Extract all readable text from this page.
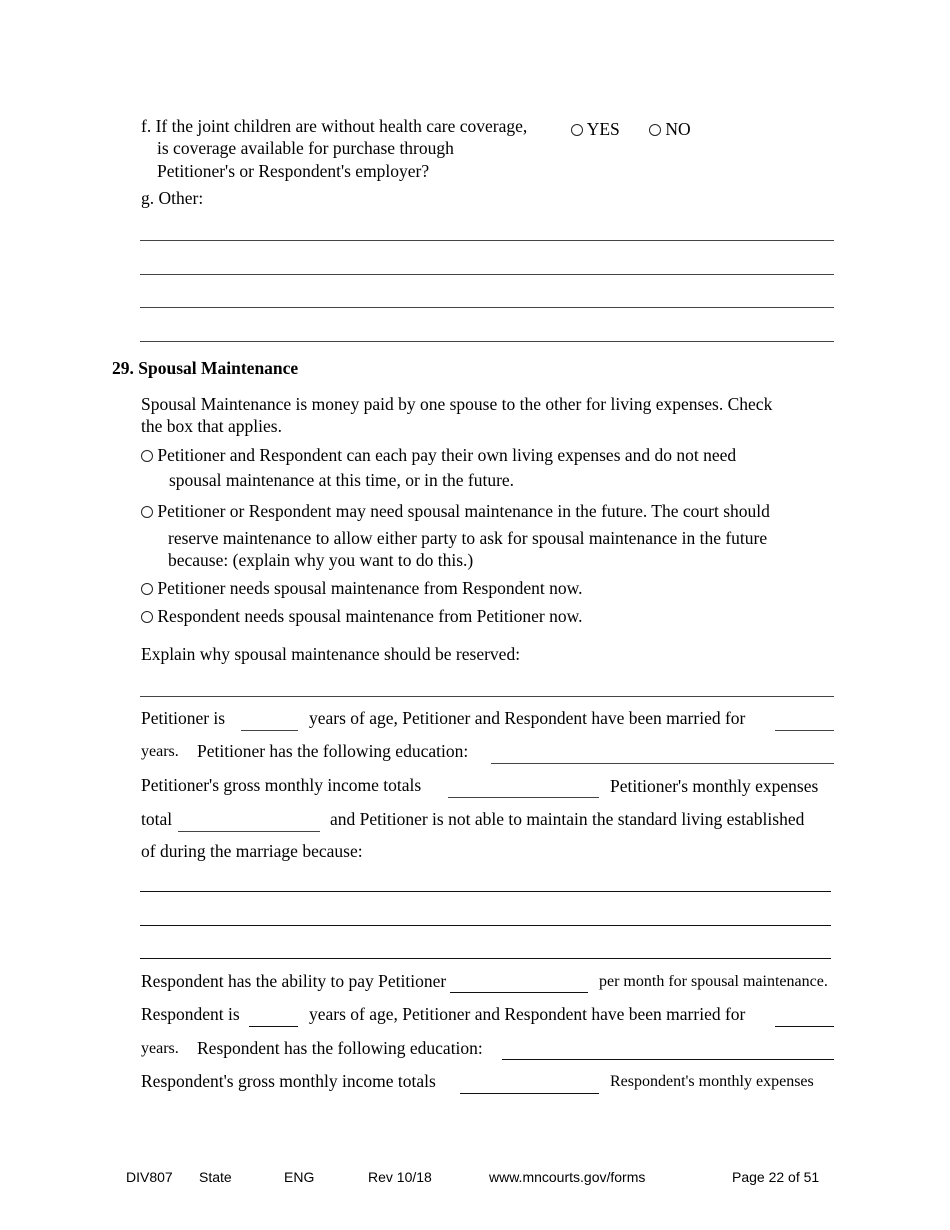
f. If the joint children are without health care coverage,
is coverage available for purchase through
Petitioner's or Respondent's employer?
YES	NO
g. Other:
29. Spousal Maintenance
Spousal Maintenance is money paid by one spouse to the other for living expenses. Check
the box that applies.
Petitioner and Respondent can each pay their own living expenses and do not need
spousal maintenance at this time, or in the future.
Petitioner or Respondent may need spousal maintenance in the future. The court should
reserve maintenance to allow either party to ask for spousal maintenance in the future
because: (explain why you want to do this.)
Petitioner needs spousal maintenance from Respondent now.
Respondent needs spousal maintenance from Petitioner now.
Explain why spousal maintenance should be reserved:
Petitioner is	years of age, Petitioner and Respondent have been married for
years. Petitioner has the following education:
Petitioner's gross monthly income totals	Petitioner's monthly expenses
total	and Petitioner is not able to maintain the standard living established
of during the marriage because:
Respondent has the ability to pay Petitioner	per month for spousal maintenance.
Respondent is	years of age, Petitioner and Respondent have been married for
years. Respondent has the following education:
Respondent's gross monthly income totals	Respondent's monthly expenses
DIV807 State	ENG	Rev 10/18	www.mncourts.gov/forms	Page 22 of 51
